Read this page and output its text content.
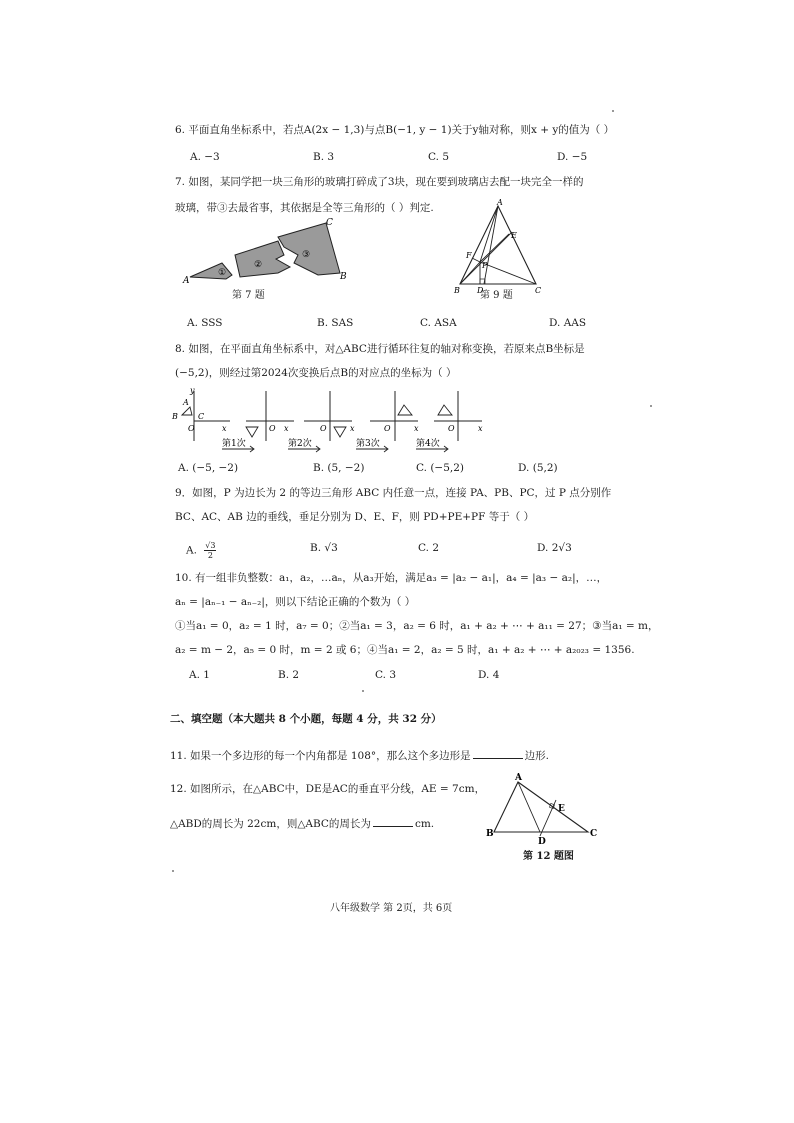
6. 平面直角坐标系中，若点A(2x − 1,3)与点B(−1, y − 1)关于y轴对称，则x + y的值为（ ）
A. −3	B. 3	C. 5	D. −5
7. 如图，某同学把一块三角形的玻璃打碎成了3块，现在要到玻璃店去配一块完全一样的
玻璃，带③去最省事，其依据是全等三角形的（ ）判定.
A	B
C
①
②
③
第 7 题
A
B	C
D
E
F
P
第 9 题
A. SSS	B. SAS	C. ASA	D. AAS
8. 如图，在平面直角坐标系中，对△ABC进行循环往复的轴对称变换，若原来点B坐标是
(−5,2)，则经过第2024次变换后点B的对应点的坐标为（ ）
y
x
O
A
B	C
O x	O	x	O	x	O	x
第1次	第2次	第3次	第4次
A. (−5, −2)	B. (5, −2)	C. (−5,2)	D. (5,2)
9．如图，P 为边长为 2 的等边三角形 ABC 内任意一点，连接 PA、PB、PC，过 P 点分别作
BC、AC、AB 边的垂线，垂足分别为 D、E、F，则 PD+PE+PF 等于（ ）
A. $\frac{√3}{2}$	B. √3	C. 2	D. 2√3
10. 有一组非负整数：a₁，a₂，…aₙ，从a₃开始，满足a₃ = |a₂ − a₁|，a₄ = |a₃ − a₂|，…，
aₙ = |aₙ₋₁ − aₙ₋₂|，则以下结论正确的个数为（ ）
①当a₁ = 0，a₂ = 1 时，a₇ = 0；②当a₁ = 3，a₂ = 6 时，a₁ + a₂ + ⋯ + a₁₁ = 27；③当a₁ = m，
a₂ = m − 2，a₅ = 0 时，m = 2 或 6；④当a₁ = 2，a₂ = 5 时，a₁ + a₂ + ⋯ + a₂₀₂₃ = 1356.
A. 1	B. 2	C. 3	D. 4
二、填空题（本大题共 8 个小题，每题 4 分，共 32 分）
11. 如果一个多边形的每一个内角都是 108°，那么这个多边形是	边形.
12. 如图所示，在△ABC中，DE是AC的垂直平分线，AE = 7cm，
△ABD的周长为 22cm，则△ABC的周长为	cm.
A
B	C
D
E
第 12 题图
八年级数学 第 2页，共 6页
